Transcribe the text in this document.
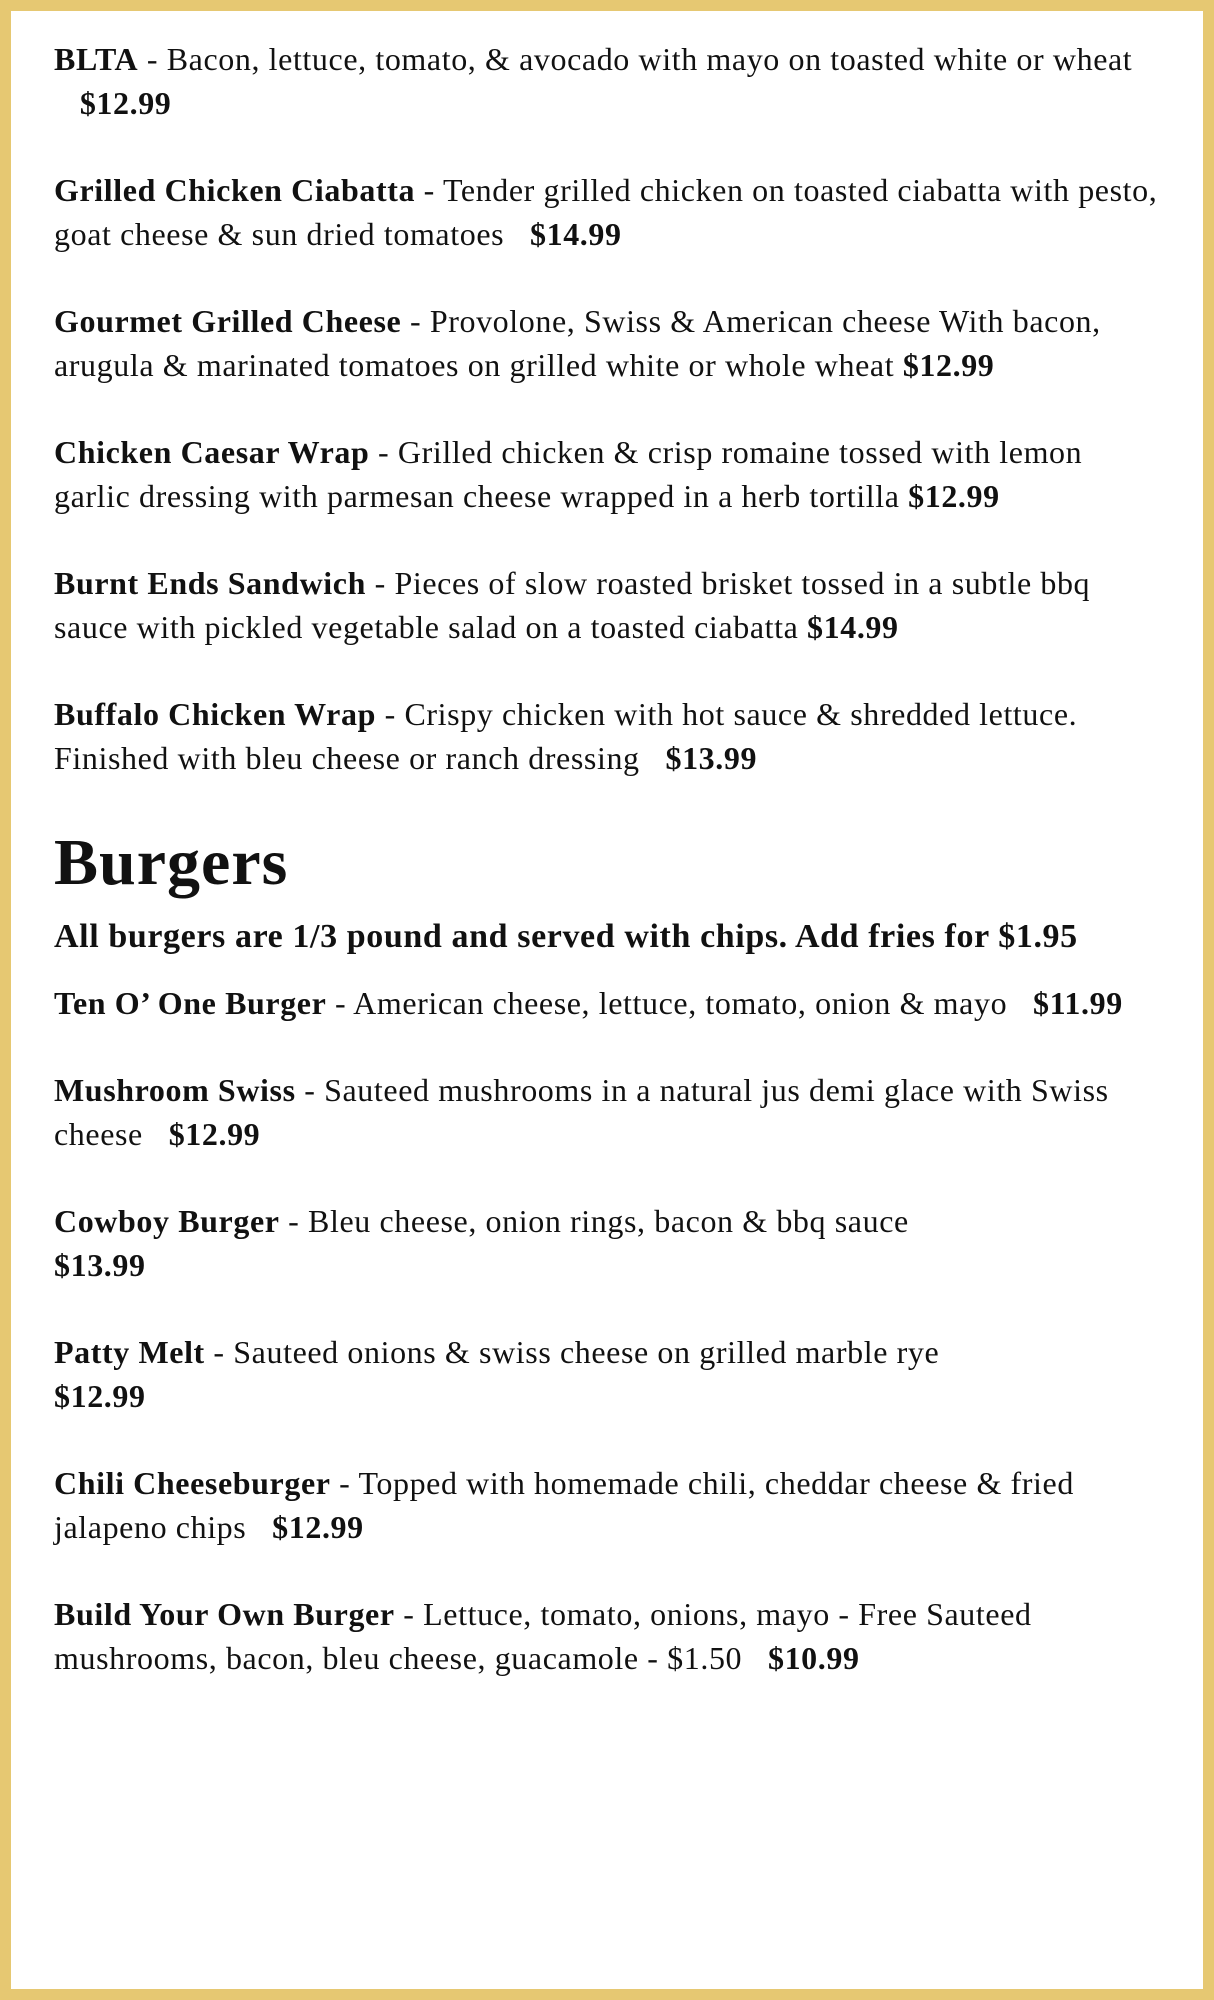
BLTA - Bacon, lettuce, tomato, & avocado with mayo on toasted white or wheat   $12.99
Grilled Chicken Ciabatta - Tender grilled chicken on toasted ciabatta with pesto, goat cheese & sun dried tomatoes $14.99
Gourmet Grilled Cheese - Provolone, Swiss & American cheese With bacon, arugula & marinated tomatoes on grilled white or whole wheat $12.99
Chicken Caesar Wrap - Grilled chicken & crisp romaine tossed with lemon garlic dressing with parmesan cheese wrapped in a herb tortilla $12.99
Burnt Ends Sandwich - Pieces of slow roasted brisket tossed in a subtle bbq sauce with pickled vegetable salad on a toasted ciabatta $14.99
Buffalo Chicken Wrap - Crispy chicken with hot sauce & shredded lettuce. Finished with bleu cheese or ranch dressing $13.99
Burgers
All burgers are 1/3 pound and served with chips. Add fries for $1.95
Ten O’ One Burger - American cheese, lettuce, tomato, onion & mayo $11.99
Mushroom Swiss - Sauteed mushrooms in a natural jus demi glace with Swiss cheese $12.99
Cowboy Burger - Bleu cheese, onion rings, bacon & bbq sauce
$13.99
Patty Melt - Sauteed onions & swiss cheese on grilled marble rye
$12.99
Chili Cheeseburger - Topped with homemade chili, cheddar cheese & fried jalapeno chips $12.99
Build Your Own Burger - Lettuce, tomato, onions, mayo - Free Sauteed mushrooms, bacon, bleu cheese, guacamole - $1.50 $10.99
